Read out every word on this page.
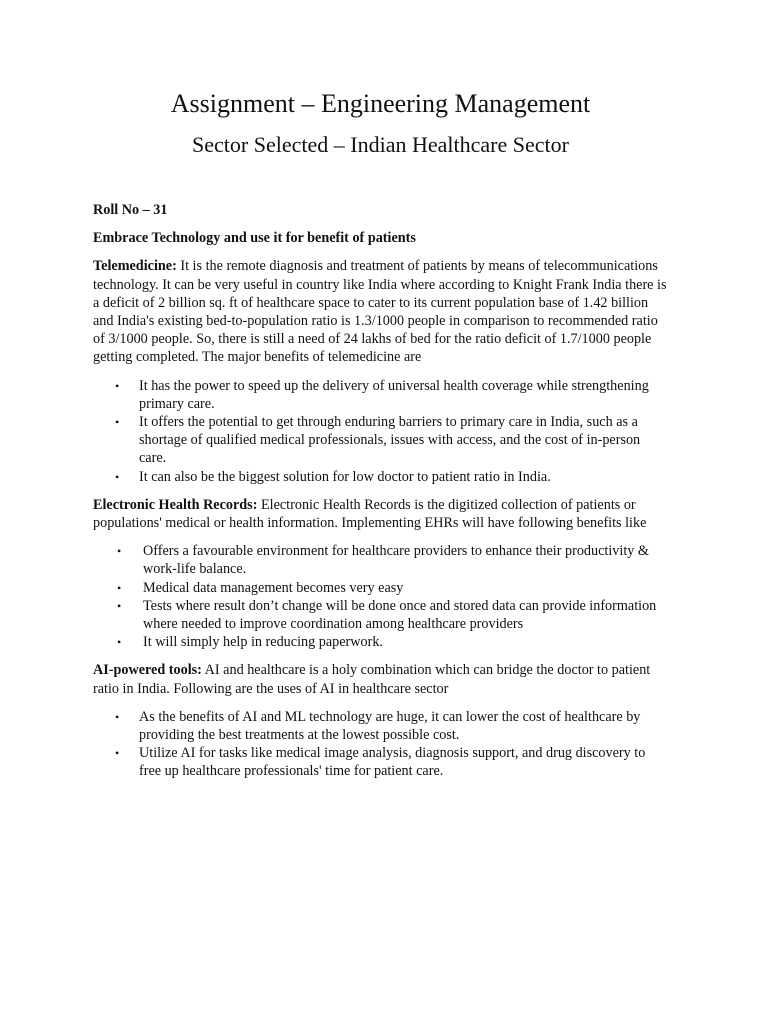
Assignment – Engineering Management
Sector Selected – Indian Healthcare Sector

Roll No – 31

Embrace Technology and use it for benefit of patients

Telemedicine: It is the remote diagnosis and treatment of patients by means of telecommunications technology. It can be very useful in country like India where according to Knight Frank India there is a deficit of 2 billion sq. ft of healthcare space to cater to its current population base of 1.42 billion and India's existing bed-to-population ratio is 1.3/1000 people in comparison to recommended ratio of 3/1000 people. So, there is still a need of 24 lakhs of bed for the ratio deficit of 1.7/1000 people getting completed. The major benefits of telemedicine are

• It has the power to speed up the delivery of universal health coverage while strengthening primary care.
• It offers the potential to get through enduring barriers to primary care in India, such as a shortage of qualified medical professionals, issues with access, and the cost of in-person care.
• It can also be the biggest solution for low doctor to patient ratio in India.

Electronic Health Records: Electronic Health Records is the digitized collection of patients or populations' medical or health information. Implementing EHRs will have following benefits like

• Offers a favourable environment for healthcare providers to enhance their productivity & work-life balance.
• Medical data management becomes very easy
• Tests where result don’t change will be done once and stored data can provide information where needed to improve coordination among healthcare providers
• It will simply help in reducing paperwork.

AI-powered tools: AI and healthcare is a holy combination which can bridge the doctor to patient ratio in India. Following are the uses of AI in healthcare sector

• As the benefits of AI and ML technology are huge, it can lower the cost of healthcare by providing the best treatments at the lowest possible cost.
• Utilize AI for tasks like medical image analysis, diagnosis support, and drug discovery to free up healthcare professionals' time for patient care.
